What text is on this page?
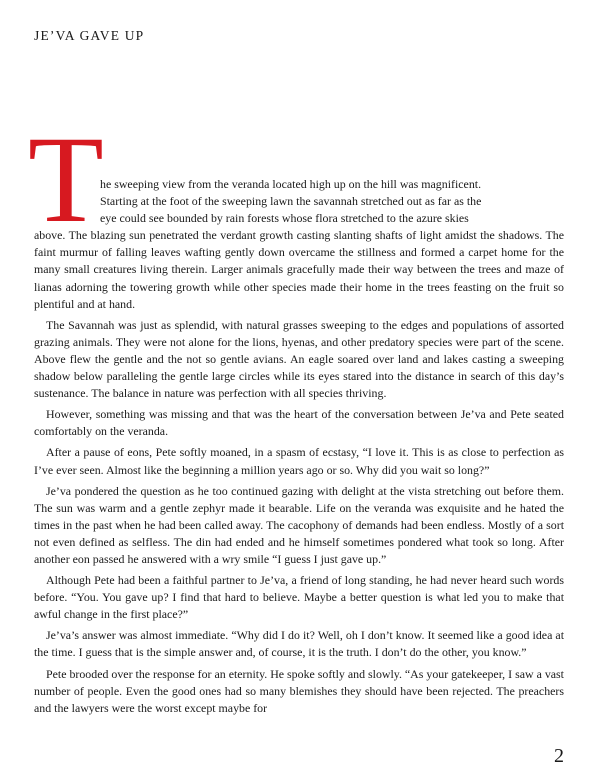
JE’VA GAVE UP
T

he sweeping view from the veranda located high up on the hill was magnificent.
Starting at the foot of the sweeping lawn the savannah stretched out as far as the
eye could see bounded by rain forests whose flora stretched to the azure skies
above. The blazing sun penetrated the verdant growth casting slanting shafts of light amidst the shadows. The faint murmur of falling leaves wafting gently down overcame the stillness and formed a carpet home for the many small creatures living therein. Larger animals gracefully made their way between the trees and maze of lianas adorning the towering growth while other species made their home in the trees feasting on the fruit so plentiful and at hand.

The Savannah was just as splendid, with natural grasses sweeping to the edges and populations of assorted grazing animals. They were not alone for the lions, hyenas, and other predatory species were part of the scene. Above flew the gentle and the not so gentle avians. An eagle soared over land and lakes casting a sweeping shadow below paralleling the gentle large circles while its eyes stared into the distance in search of this day’s sustenance. The balance in nature was perfection with all species thriving.

However, something was missing and that was the heart of the conversation between Je’va and Pete seated comfortably on the veranda.

After a pause of eons, Pete softly moaned, in a spasm of ecstasy, “I love it. This is as close to perfection as I’ve ever seen. Almost like the beginning a million years ago or so. Why did you wait so long?”

Je’va pondered the question as he too continued gazing with delight at the vista stretching out before them. The sun was warm and a gentle zephyr made it bearable. Life on the veranda was exquisite and he hated the times in the past when he had been called away. The cacophony of demands had been endless. Mostly of a sort not even defined as selfless. The din had ended and he himself sometimes pondered what took so long. After another eon passed he answered with a wry smile “I guess I just gave up.”

Although Pete had been a faithful partner to Je’va, a friend of long standing, he had never heard such words before. “You. You gave up? I find that hard to believe. Maybe a better question is what led you to make that awful change in the first place?”

Je’va’s answer was almost immediate. “Why did I do it? Well, oh I don’t know. It seemed like a good idea at the time. I guess that is the simple answer and, of course, it is the truth. I don’t do the other, you know.”

Pete brooded over the response for an eternity. He spoke softly and slowly. “As your gatekeeper, I saw a vast number of people. Even the good ones had so many blemishes they should have been rejected. The preachers and the lawyers were the worst except maybe for

2
